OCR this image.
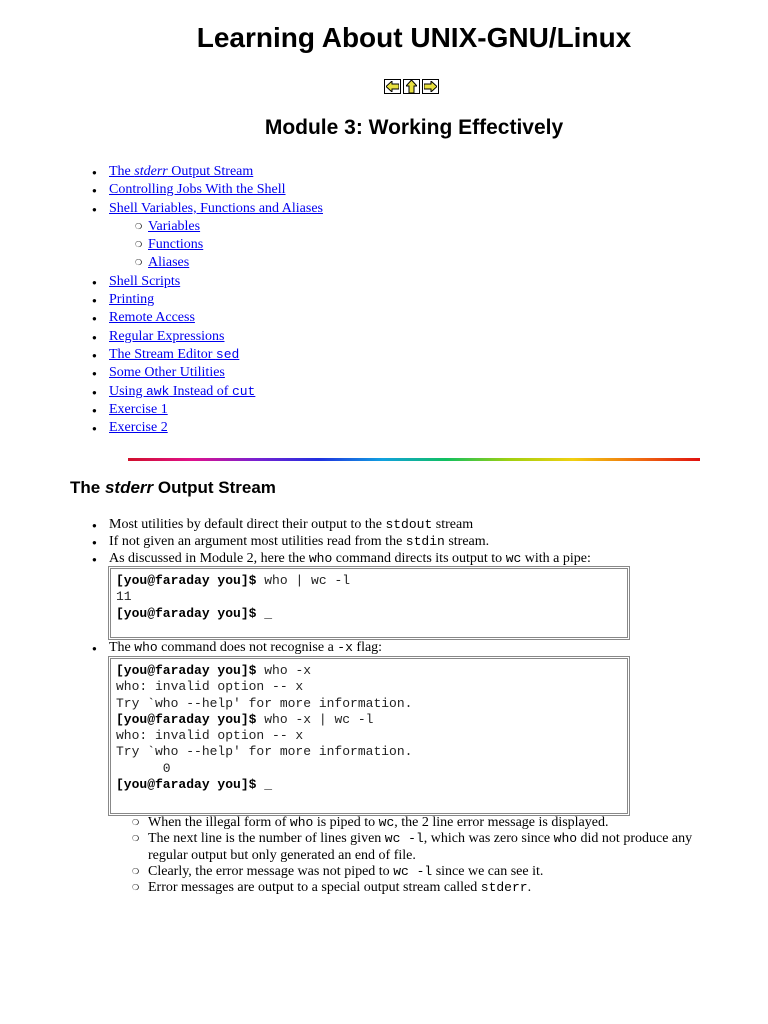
Learning About UNIX-GNU/Linux
Module 3: Working Effectively
● The stderr Output Stream
● Controlling Jobs With the Shell
● Shell Variables, Functions and Aliases
❍ Variables
❍ Functions
❍ Aliases
● Shell Scripts
● Printing
● Remote Access
● Regular Expressions
● The Stream Editor sed
● Some Other Utilities
● Using awk Instead of cut
● Exercise 1
● Exercise 2
The stderr Output Stream
● Most utilities by default direct their output to the stdout stream
● If not given an argument most utilities read from the stdin stream.
● As discussed in Module 2, here the who command directs its output to wc with a pipe:
[you@faraday you]$ who | wc -l
11
[you@faraday you]$ _
● The who command does not recognise a -x flag:
[you@faraday you]$ who -x
who: invalid option -- x
Try `who --help' for more information.
[you@faraday you]$ who -x | wc -l
who: invalid option -- x
Try `who --help' for more information.
0
[you@faraday you]$ _
❍ When the illegal form of who is piped to wc, the 2 line error message is displayed.
❍ The next line is the number of lines given wc -l, which was zero since who did not produce any regular output but only generated an end of file.
❍ Clearly, the error message was not piped to wc -l since we can see it.
❍ Error messages are output to a special output stream called stderr.
